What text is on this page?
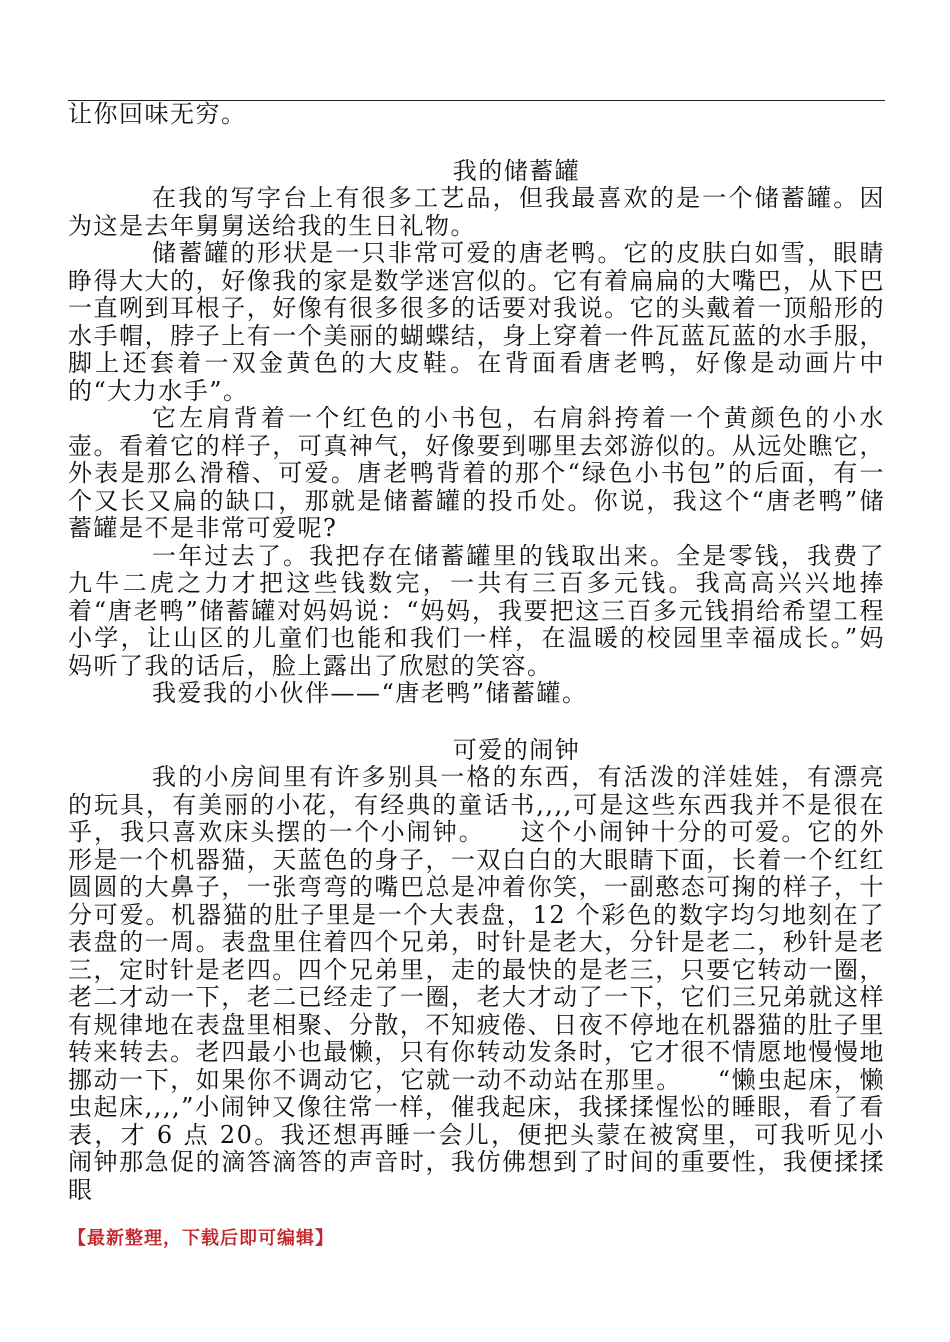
让你回味无穷。

我的储蓄罐

在我的写字台上有很多工艺品，但我最喜欢的是一个储蓄罐。因为这是去年舅舅送给我的生日礼物。

储蓄罐的形状是一只非常可爱的唐老鸭。它的皮肤白如雪，眼睛睁得大大的，好像我的家是数学迷宫似的。它有着扁扁的大嘴巴，从下巴一直咧到耳根子，好像有很多很多的话要对我说。它的头戴着一顶船形的水手帽，脖子上有一个美丽的蝴蝶结，身上穿着一件瓦蓝瓦蓝的水手服，脚上还套着一双金黄色的大皮鞋。在背面看唐老鸭，好像是动画片中的“大力水手”。

它左肩背着一个红色的小书包，右肩斜挎着一个黄颜色的小水壶。看着它的样子，可真神气，好像要到哪里去郊游似的。从远处瞧它，外表是那么滑稽、可爱。唐老鸭背着的那个“绿色小书包”的后面，有一个又长又扁的缺口，那就是储蓄罐的投币处。你说，我这个“唐老鸭”储蓄罐是不是非常可爱呢?

一年过去了。我把存在储蓄罐里的钱取出来。全是零钱，我费了九牛二虎之力才把这些钱数完，一共有三百多元钱。我高高兴兴地捧着“唐老鸭”储蓄罐对妈妈说：“妈妈，我要把这三百多元钱捐给希望工程小学，让山区的儿童们也能和我们一样，在温暖的校园里幸福成长。”妈妈听了我的话后，脸上露出了欣慰的笑容。

我爱我的小伙伴——“唐老鸭”储蓄罐。

可爱的闹钟

我的小房间里有许多别具一格的东西，有活泼的洋娃娃，有漂亮的玩具，有美丽的小花，有经典的童话书,,,,可是这些东西我并不是很在乎，我只喜欢床头摆的一个小闹钟。 这个小闹钟十分的可爱。它的外形是一个机器猫，天蓝色的身子，一双白白的大眼睛下面，长着一个红红圆圆的大鼻子，一张弯弯的嘴巴总是冲着你笑，一副憨态可掬的样子，十分可爱。机器猫的肚子里是一个大表盘，12 个彩色的数字均匀地刻在了表盘的一周。表盘里住着四个兄弟，时针是老大，分针是老二，秒针是老三，定时针是老四。四个兄弟里，走的最快的是老三，只要它转动一圈，老二才动一下，老二已经走了一圈，老大才动了一下，它们三兄弟就这样有规律地在表盘里相聚、分散，不知疲倦、日夜不停地在机器猫的肚子里转来转去。老四最小也最懒，只有你转动发条时，它才很不情愿地慢慢地挪动一下，如果你不调动它，它就一动不动站在那里。 “懒虫起床，懒虫起床,,,,”小闹钟又像往常一样，催我起床，我揉揉惺忪的睡眼，看了看表，才 6 点 20。我还想再睡一会儿，便把头蒙在被窝里，可我听见小闹钟那急促的滴答滴答的声音时，我仿佛想到了时间的重要性，我便揉揉眼

【最新整理，下载后即可编辑】
